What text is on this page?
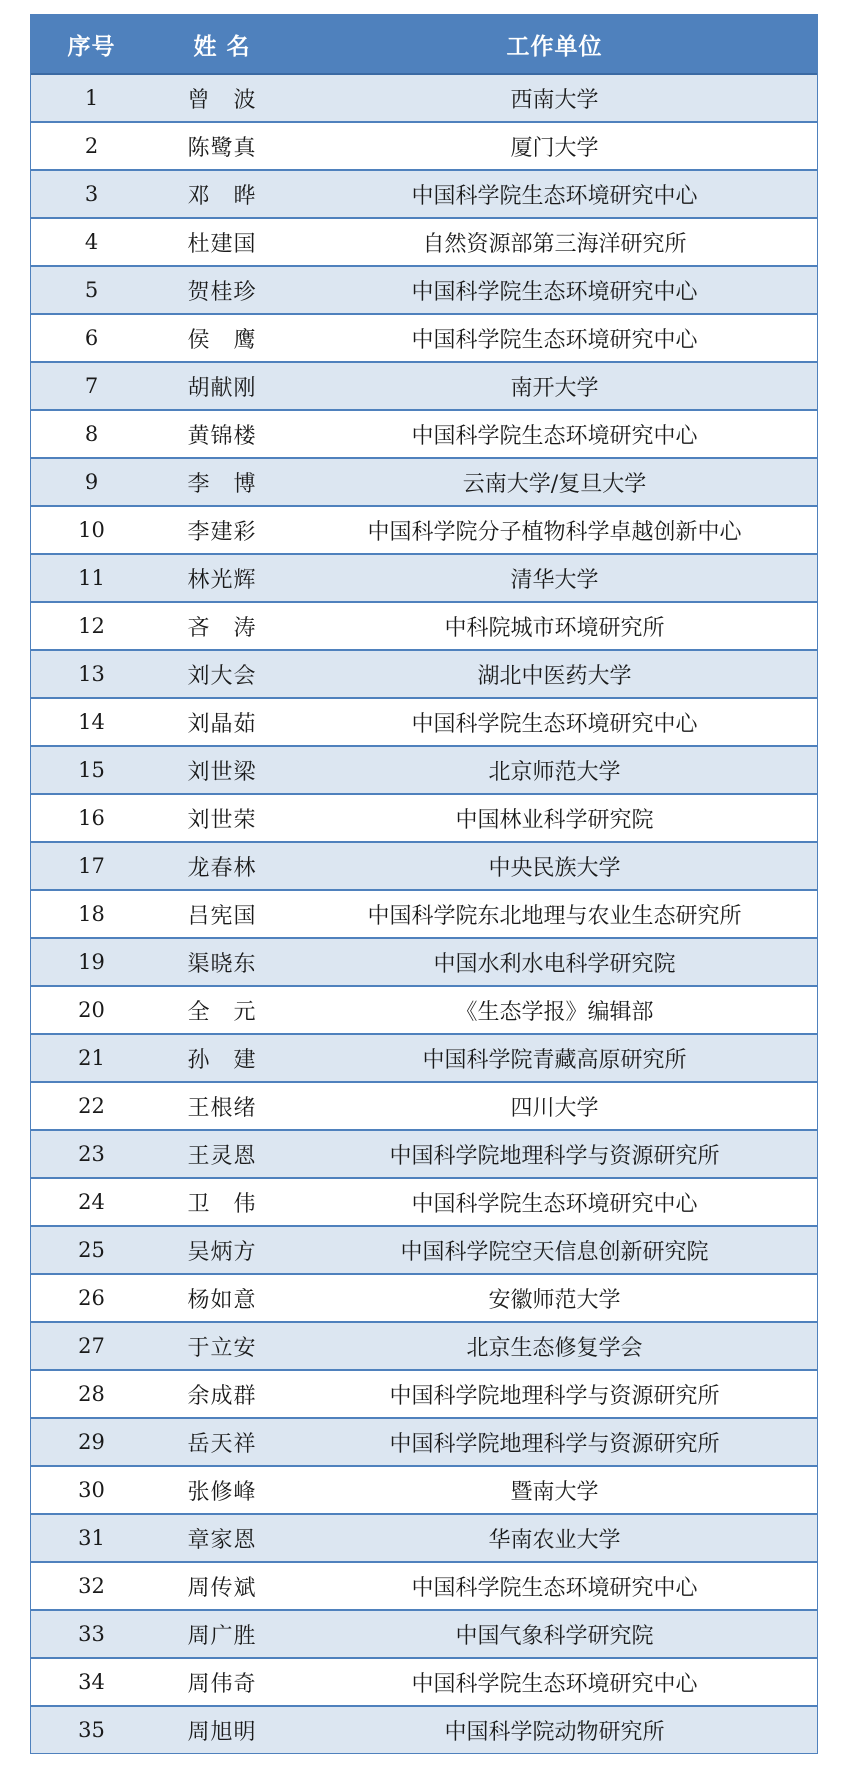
序号	姓 名	工作单位
1	曾　波	西南大学
2	陈鹭真	厦门大学
3	邓　晔	中国科学院生态环境研究中心
4	杜建国	自然资源部第三海洋研究所
5	贺桂珍	中国科学院生态环境研究中心
6	侯　鹰	中国科学院生态环境研究中心
7	胡献刚	南开大学
8	黄锦楼	中国科学院生态环境研究中心
9	李　博	云南大学/复旦大学
10	李建彩	中国科学院分子植物科学卓越创新中心
11	林光辉	清华大学
12	吝　涛	中科院城市环境研究所
13	刘大会	湖北中医药大学
14	刘晶茹	中国科学院生态环境研究中心
15	刘世梁	北京师范大学
16	刘世荣	中国林业科学研究院
17	龙春林	中央民族大学
18	吕宪国	中国科学院东北地理与农业生态研究所
19	渠晓东	中国水利水电科学研究院
20	全　元	《生态学报》编辑部
21	孙　建	中国科学院青藏高原研究所
22	王根绪	四川大学
23	王灵恩	中国科学院地理科学与资源研究所
24	卫　伟	中国科学院生态环境研究中心
25	吴炳方	中国科学院空天信息创新研究院
26	杨如意	安徽师范大学
27	于立安	北京生态修复学会
28	余成群	中国科学院地理科学与资源研究所
29	岳天祥	中国科学院地理科学与资源研究所
30	张修峰	暨南大学
31	章家恩	华南农业大学
32	周传斌	中国科学院生态环境研究中心
33	周广胜	中国气象科学研究院
34	周伟奇	中国科学院生态环境研究中心
35	周旭明	中国科学院动物研究所
